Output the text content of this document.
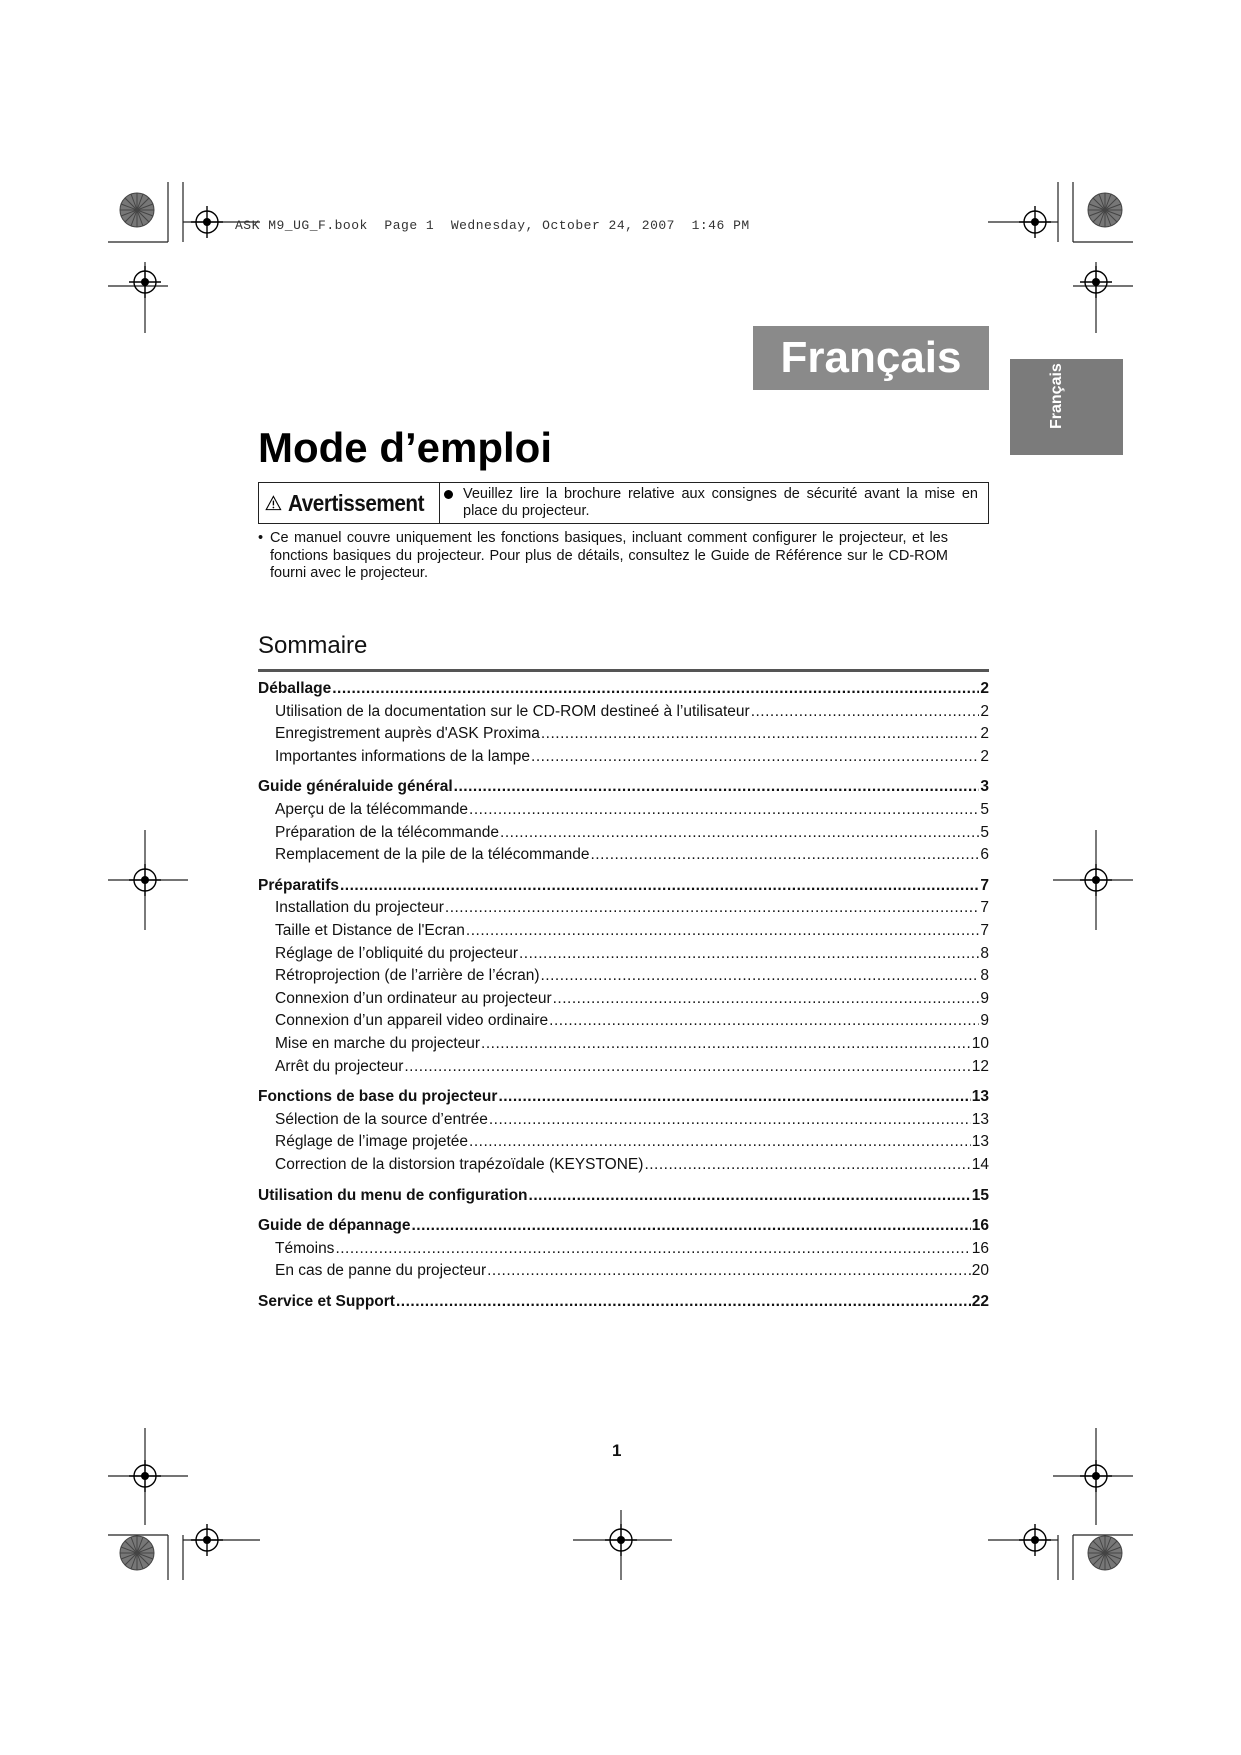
ASK M9_UG_F.book  Page 1  Wednesday, October 24, 2007  1:46 PM
Français
Français
Mode d’emploi
Avertissement	Veuillez lire la brochure relative aux consignes de sécurité avant la mise en place du projecteur.
• Ce manuel couvre uniquement les fonctions basiques, incluant comment configurer le projecteur, et les fonctions basiques du projecteur. Pour plus de détails, consultez le Guide de Référence sur le CD-ROM fourni avec le projecteur.
Sommaire
Déballage .....	2
Utilisation de la documentation sur le CD-ROM destineé à l’utilisateur .....	2
Enregistrement auprès d'ASK Proxima .....	2
Importantes informations de la lampe .....	2
Guide généraluide général .....	3
Aperçu de la télécommande .....	5
Préparation de la télécommande .....	5
Remplacement de la pile de la télécommande .....	6
Préparatifs .....	7
Installation du projecteur .....	7
Taille et Distance de l'Ecran .....	7
Réglage de l’obliquité du projecteur .....	8
Rétroprojection (de l’arrière de l’écran) .....	8
Connexion d’un ordinateur au projecteur .....	9
Connexion d’un appareil video ordinaire .....	9
Mise en marche du projecteur .....	10
Arrêt du projecteur .....	12
Fonctions de base du projecteur .....	13
Sélection de la source d’entrée .....	13
Réglage de l’image projetée .....	13
Correction de la distorsion trapézoïdale (KEYSTONE) .....	14
Utilisation du menu de configuration .....	15
Guide de dépannage .....	16
Témoins .....	16
En cas de panne du projecteur .....	20
Service et Support .....	22
1
